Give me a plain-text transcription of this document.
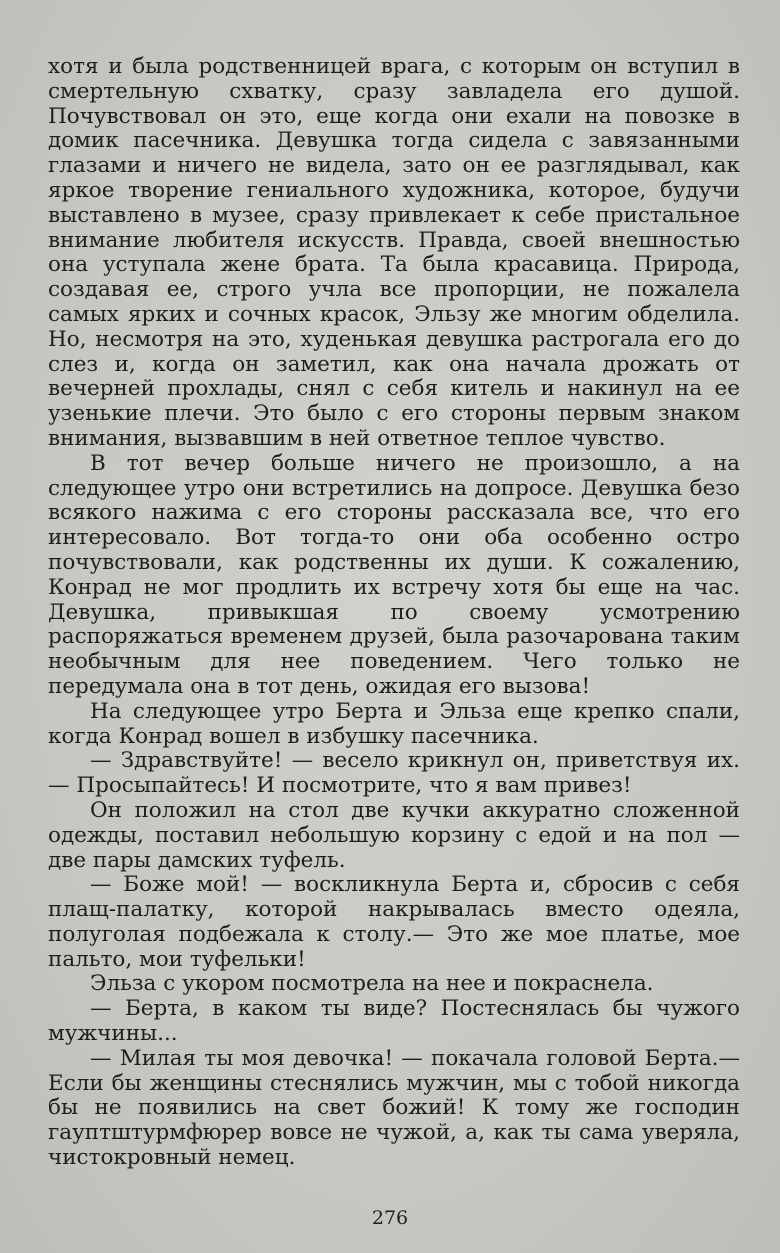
хотя и была родственницей врага, с которым он вступил в смертельную схватку, сразу завладела его душой. Почувствовал он это, еще когда они ехали на повозке в домик пасечника. Девушка тогда сидела с завязанными глазами и ничего не видела, зато он ее разглядывал, как яркое творение гениального художника, которое, будучи выставлено в музее, сразу привлекает к себе пристальное внимание любителя искусств. Правда, своей внешностью она уступала жене брата. Та была красавица. Природа, создавая ее, строго учла все пропорции, не пожалела самых ярких и сочных красок, Эльзу же многим обделила. Но, несмотря на это, худенькая девушка растрогала его до слез и, когда он заметил, как она начала дрожать от вечерней прохлады, снял с себя китель и накинул на ее узенькие плечи. Это было с его стороны первым знаком внимания, вызвавшим в ней ответное теплое чувство.

В тот вечер больше ничего не произошло, а на следующее утро они встретились на допросе. Девушка безо всякого нажима с его стороны рассказала все, что его интересовало. Вот тогда-то они оба особенно остро почувствовали, как родственны их души. К сожалению, Конрад не мог продлить их встречу хотя бы еще на час. Девушка, привыкшая по своему усмотрению распоряжаться временем друзей, была разочарована таким необычным для нее поведением. Чего только не передумала она в тот день, ожидая его вызова!

На следующее утро Берта и Эльза еще крепко спали, когда Конрад вошел в избушку пасечника.

— Здравствуйте! — весело крикнул он, приветствуя их.— Просыпайтесь! И посмотрите, что я вам привез!

Он положил на стол две кучки аккуратно сложенной одежды, поставил небольшую корзину с едой и на пол — две пары дамских туфель.

— Боже мой! — воскликнула Берта и, сбросив с себя плащ-палатку, которой накрывалась вместо одеяла, полуголая подбежала к столу.— Это же мое платье, мое пальто, мои туфельки!

Эльза с укором посмотрела на нее и покраснела.

— Берта, в каком ты виде? Постеснялась бы чужого мужчины...

— Милая ты моя девочка! — покачала головой Берта.— Если бы женщины стеснялись мужчин, мы с тобой никогда бы не появились на свет божий! К тому же господин гауптштурмфюрер вовсе не чужой, а, как ты сама уверяла, чистокровный немец.

276
